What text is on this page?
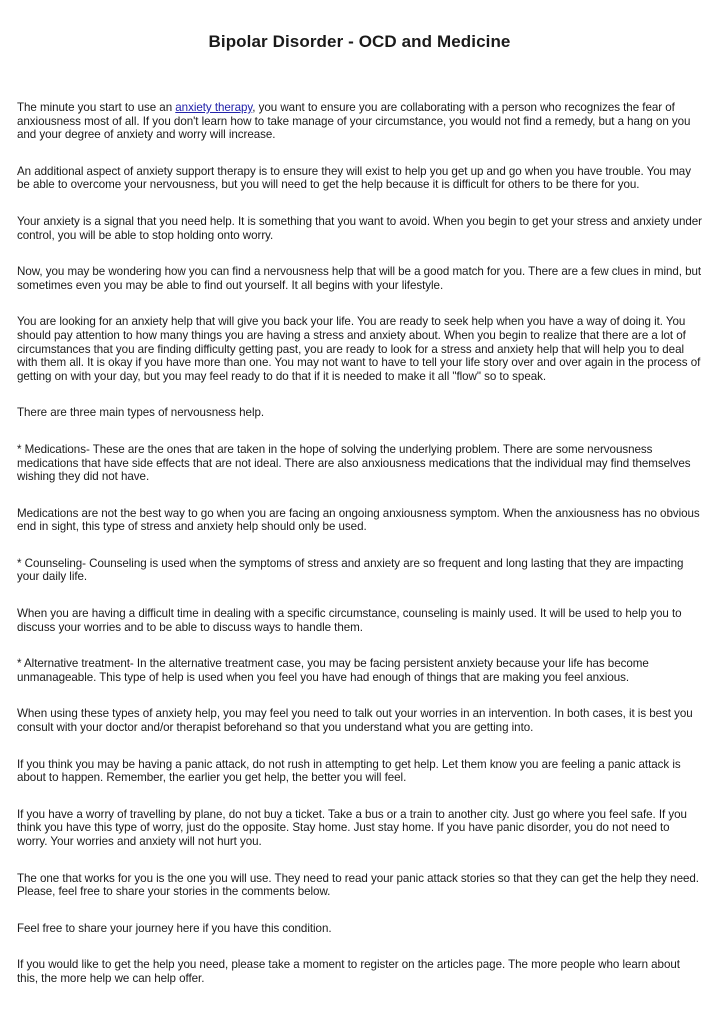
Bipolar Disorder - OCD and Medicine

The minute you start to use an anxiety therapy, you want to ensure you are collaborating with a person who recognizes the fear of anxiousness most of all. If you don't learn how to take manage of your circumstance, you would not find a remedy, but a hang on you and your degree of anxiety and worry will increase.

An additional aspect of anxiety support therapy is to ensure they will exist to help you get up and go when you have trouble. You may be able to overcome your nervousness, but you will need to get the help because it is difficult for others to be there for you.

Your anxiety is a signal that you need help. It is something that you want to avoid. When you begin to get your stress and anxiety under control, you will be able to stop holding onto worry.

Now, you may be wondering how you can find a nervousness help that will be a good match for you. There are a few clues in mind, but sometimes even you may be able to find out yourself. It all begins with your lifestyle.

You are looking for an anxiety help that will give you back your life. You are ready to seek help when you have a way of doing it. You should pay attention to how many things you are having a stress and anxiety about. When you begin to realize that there are a lot of circumstances that you are finding difficulty getting past, you are ready to look for a stress and anxiety help that will help you to deal with them all. It is okay if you have more than one. You may not want to have to tell your life story over and over again in the process of getting on with your day, but you may feel ready to do that if it is needed to make it all "flow" so to speak.

There are three main types of nervousness help.

* Medications- These are the ones that are taken in the hope of solving the underlying problem. There are some nervousness medications that have side effects that are not ideal. There are also anxiousness medications that the individual may find themselves wishing they did not have.

Medications are not the best way to go when you are facing an ongoing anxiousness symptom. When the anxiousness has no obvious end in sight, this type of stress and anxiety help should only be used.

* Counseling- Counseling is used when the symptoms of stress and anxiety are so frequent and long lasting that they are impacting your daily life.

When you are having a difficult time in dealing with a specific circumstance, counseling is mainly used. It will be used to help you to discuss your worries and to be able to discuss ways to handle them.

* Alternative treatment- In the alternative treatment case, you may be facing persistent anxiety because your life has become unmanageable. This type of help is used when you feel you have had enough of things that are making you feel anxious.

When using these types of anxiety help, you may feel you need to talk out your worries in an intervention. In both cases, it is best you consult with your doctor and/or therapist beforehand so that you understand what you are getting into.

If you think you may be having a panic attack, do not rush in attempting to get help. Let them know you are feeling a panic attack is about to happen. Remember, the earlier you get help, the better you will feel.

If you have a worry of travelling by plane, do not buy a ticket. Take a bus or a train to another city. Just go where you feel safe. If you think you have this type of worry, just do the opposite. Stay home. Just stay home. If you have panic disorder, you do not need to worry. Your worries and anxiety will not hurt you.

The one that works for you is the one you will use. They need to read your panic attack stories so that they can get the help they need. Please, feel free to share your stories in the comments below.

Feel free to share your journey here if you have this condition.

If you would like to get the help you need, please take a moment to register on the articles page. The more people who learn about this, the more help we can help offer.
